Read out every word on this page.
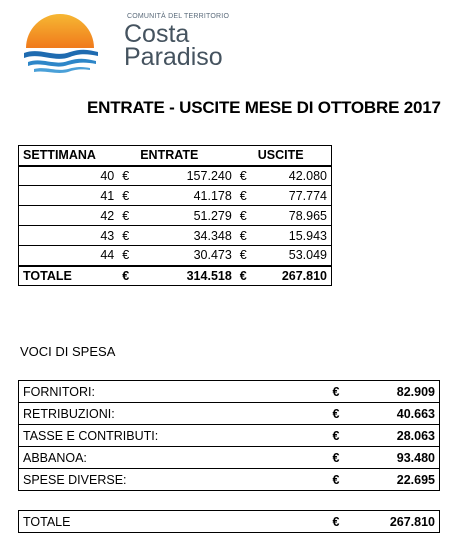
COMUNITÀ DEL TERRITORIO
Costa
Paradiso
ENTRATE - USCITE MESE DI OTTOBRE 2017
SETTIMANA		ENTRATE		USCITE
40	€	157.240	€	42.080
41	€	41.178	€	77.774
42	€	51.279	€	78.965
43	€	34.348	€	15.943
44	€	30.473	€	53.049
TOTALE	€	314.518	€	267.810
VOCI DI SPESA
FORNITORI:	€	82.909
RETRIBUZIONI:	€	40.663
TASSE E CONTRIBUTI:	€	28.063
ABBANOA:	€	93.480
SPESE DIVERSE:	€	22.695
TOTALE	€	267.810
